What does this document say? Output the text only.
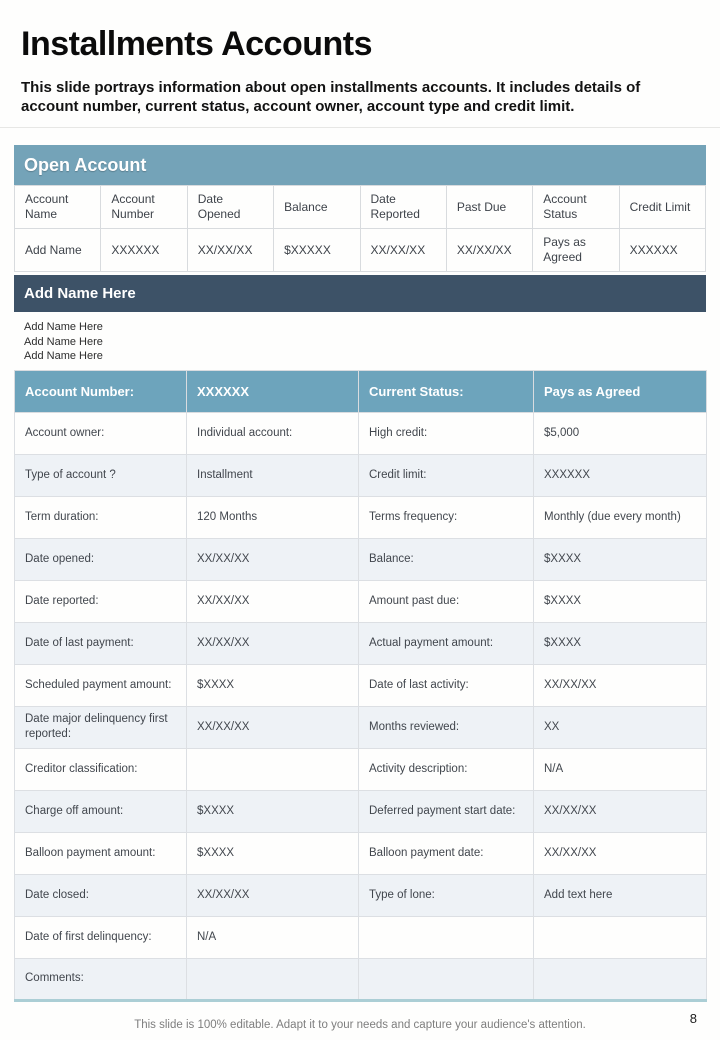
Installments Accounts

This slide portrays information about open installments accounts. It includes details of account number, current status, account owner, account type and credit limit.

Open Account
Account Name	Account Number	Date Opened	Balance	Date Reported	Past Due	Account Status	Credit Limit
Add Name	XXXXXX	XX/XX/XX	$XXXXX	XX/XX/XX	XX/XX/XX	Pays as Agreed	XXXXXX
Add Name Here
Add Name Here
Add Name Here
Add Name Here
Account Number:	XXXXXX	Current Status:	Pays as Agreed
Account owner:	Individual account:	High credit:	$5,000
Type of account ?	Installment	Credit limit:	XXXXXX
Term duration:	120 Months	Terms frequency:	Monthly (due every month)
Date opened:	XX/XX/XX	Balance:	$XXXX
Date reported:	XX/XX/XX	Amount past due:	$XXXX
Date of last payment:	XX/XX/XX	Actual payment amount:	$XXXX
Scheduled payment amount:	$XXXX	Date of last activity:	XX/XX/XX
Date major delinquency first reported:	XX/XX/XX	Months reviewed:	XX
Creditor classification:		Activity description:	N/A
Charge off amount:	$XXXX	Deferred payment start date:	XX/XX/XX
Balloon payment amount:	$XXXX	Balloon payment date:	XX/XX/XX
Date closed:	XX/XX/XX	Type of lone:	Add text here
Date of first delinquency:	N/A		
Comments:			
This slide is 100% editable. Adapt it to your needs and capture your audience's attention.	8
